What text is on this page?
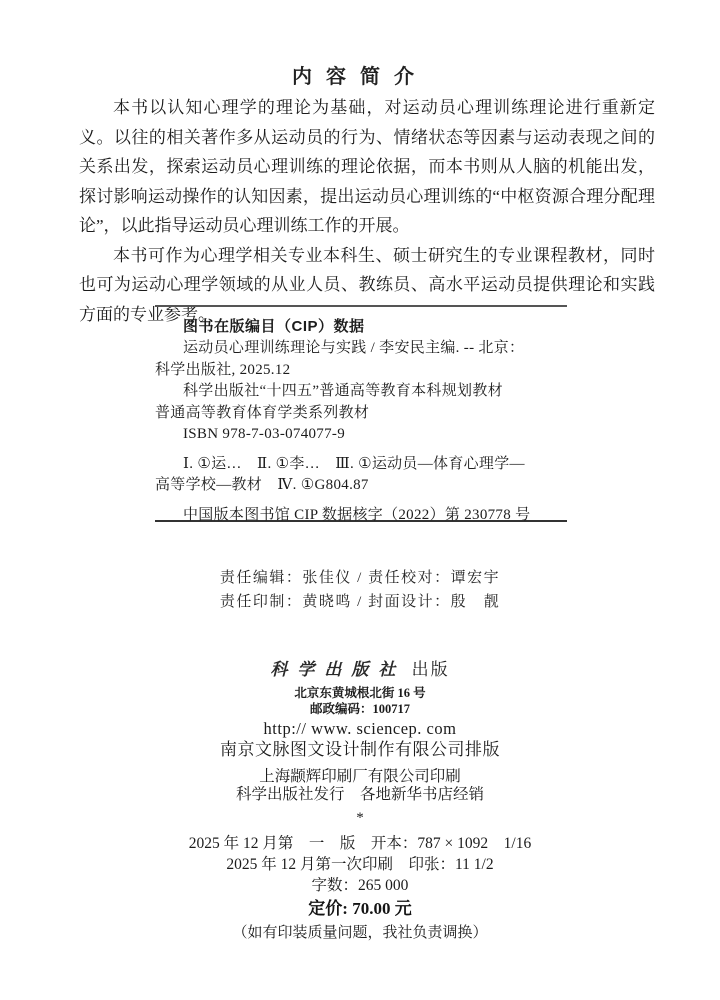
内容简介

本书以认知心理学的理论为基础，对运动员心理训练理论进行重新定义。以往的相关著作多从运动员的行为、情绪状态等因素与运动表现之间的关系出发，探索运动员心理训练的理论依据，而本书则从人脑的机能出发，探讨影响运动操作的认知因素，提出运动员心理训练的“中枢资源合理分配理论”，以此指导运动员心理训练工作的开展。

本书可作为心理学相关专业本科生、硕士研究生的专业课程教材，同时也可为运动心理学领域的从业人员、教练员、高水平运动员提供理论和实践方面的专业参考。

图书在版编目（CIP）数据
运动员心理训练理论与实践 / 李安民主编. -- 北京：
科学出版社, 2025.12
科学出版社“十四五”普通高等教育本科规划教材
普通高等教育体育学类系列教材
ISBN 978-7-03-074077-9
Ⅰ. ①运…　Ⅱ. ①李…　Ⅲ. ①运动员—体育心理学—
高等学校—教材　Ⅳ. ①G804.87
中国版本图书馆 CIP 数据核字（2022）第 230778 号
责任编辑：张佳仪 / 责任校对：谭宏宇
责任印制：黄晓鸣 / 封面设计：殷　靓
科学出版社 出版
北京东黄城根北街 16 号
邮政编码：100717
http:// www. sciencep. com
南京文脉图文设计制作有限公司排版
上海颛辉印刷厂有限公司印刷
科学出版社发行　各地新华书店经销
*
2025 年 12 月第　一　版　开本：787 × 1092　1/16
2025 年 12 月第一次印刷　印张：11 1/2
字数：265 000
定价: 70.00 元
（如有印装质量问题，我社负责调换）
